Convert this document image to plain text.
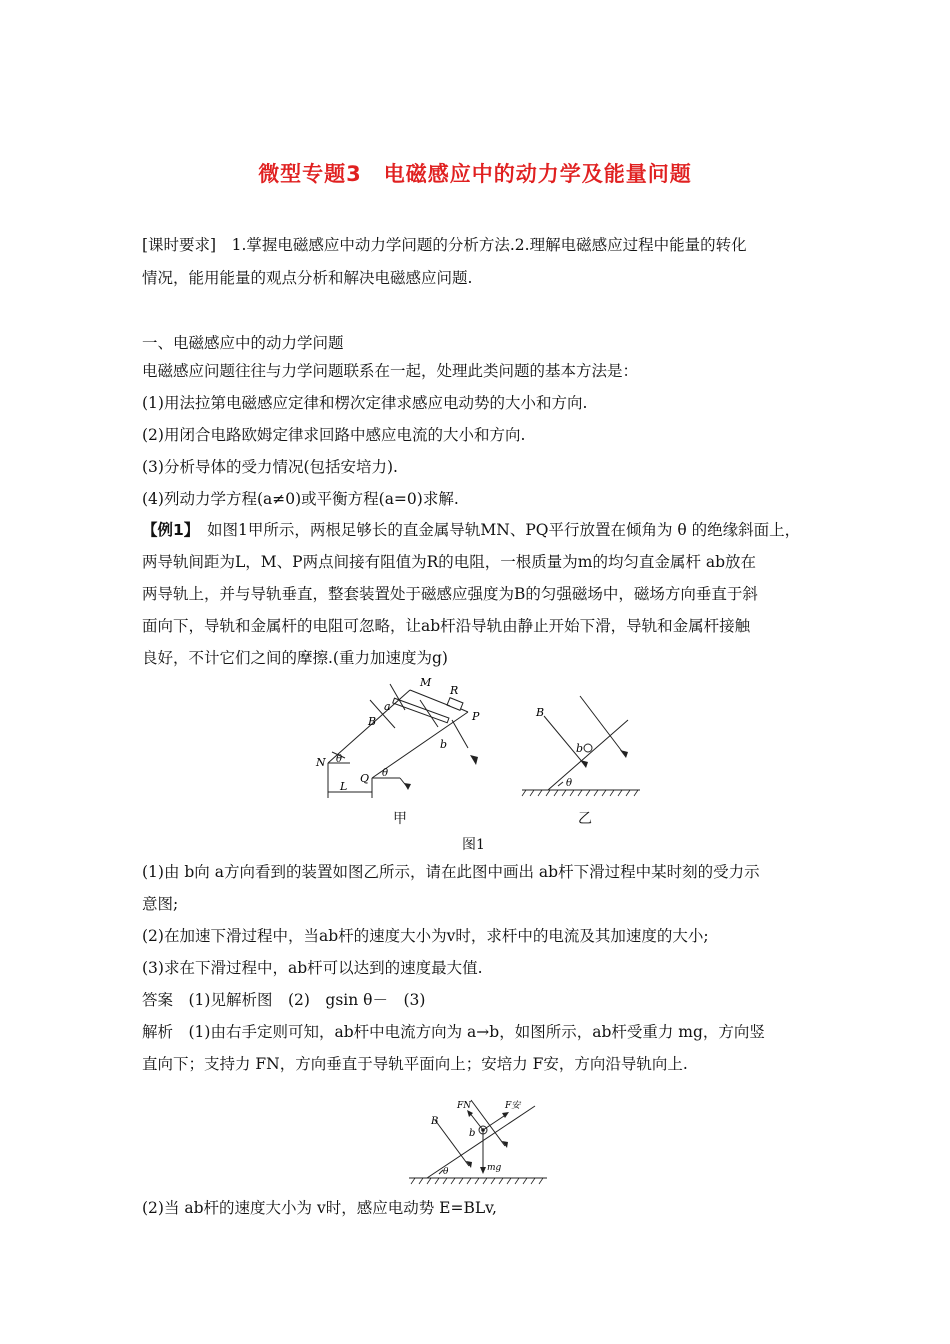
微型专题3　电磁感应中的动力学及能量问题
[课时要求]　1.掌握电磁感应中动力学问题的分析方法.2.理解电磁感应过程中能量的转化
情况，能用能量的观点分析和解决电磁感应问题.
一、电磁感应中的动力学问题
电磁感应问题往往与力学问题联系在一起，处理此类问题的基本方法是：
(1)用法拉第电磁感应定律和楞次定律求感应电动势的大小和方向.
(2)用闭合电路欧姆定律求回路中感应电流的大小和方向.
(3)分析导体的受力情况(包括安培力).
(4)列动力学方程(a≠0)或平衡方程(a=0)求解.
【例1】　如图1甲所示，两根足够长的直金属导轨MN、PQ平行放置在倾角为 θ 的绝缘斜面上，
两导轨间距为L，M、P两点间接有阻值为R的电阻，一根质量为m的均匀直金属杆 ab放在
两导轨上，并与导轨垂直，整套装置处于磁感应强度为B的匀强磁场中，磁场方向垂直于斜
面向下，导轨和金属杆的电阻可忽略，让ab杆沿导轨由静止开始下滑，导轨和金属杆接触
良好，不计它们之间的摩擦.(重力加速度为g)
M
R
P
a
B
b
N θ
Q θ
L
B
b
θ
甲	乙
图1
(1)由 b向 a方向看到的装置如图乙所示，请在此图中画出 ab杆下滑过程中某时刻的受力示
意图;
(2)在加速下滑过程中，当ab杆的速度大小为v时，求杆中的电流及其加速度的大小;
(3)求在下滑过程中，ab杆可以达到的速度最大值.
答案　(1)见解析图　(2)　gsin θ－　(3)
解析　(1)由右手定则可知，ab杆中电流方向为 a→b，如图所示，ab杆受重力 mg，方向竖
直向下；支持力 FN，方向垂直于导轨平面向上；安培力 F安，方向沿导轨向上.
FN	F安
B
b
mg
θ
(2)当 ab杆的速度大小为 v时，感应电动势 E=BLv,
